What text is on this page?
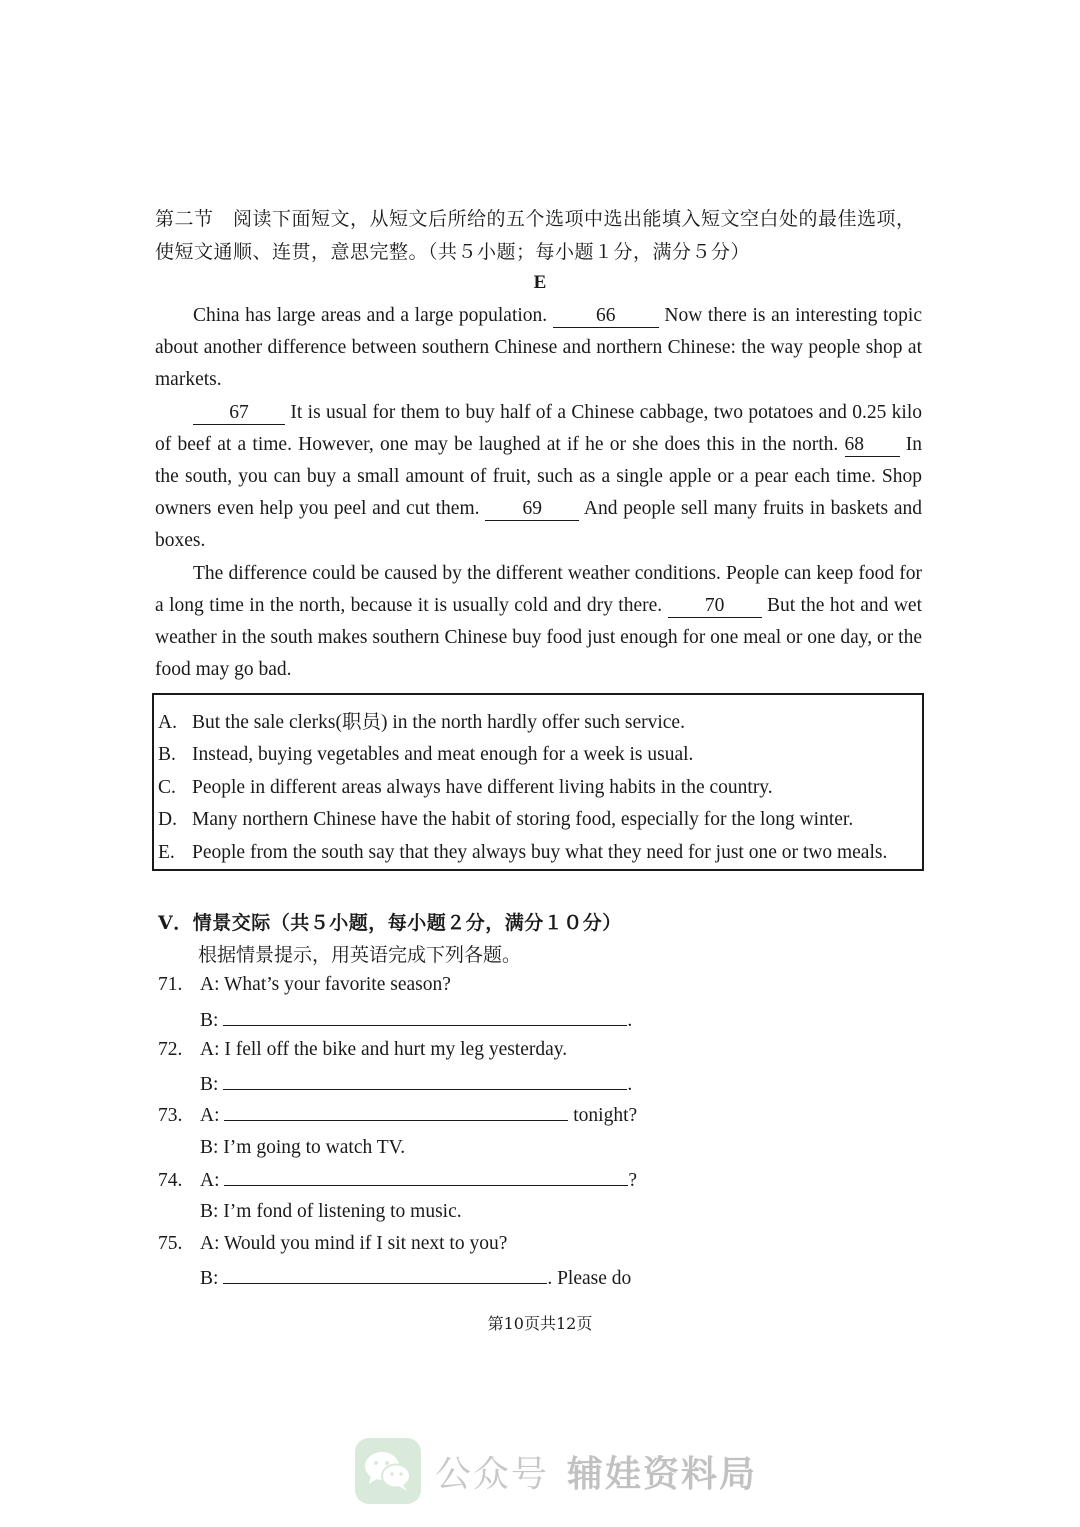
第二节　阅读下面短文，从短文后所给的五个选项中选出能填入短文空白处的最佳选项，使短文通顺、连贯，意思完整。（共５小题；每小题１分，满分５分）
E

China has large areas and a large population.	66	Now there is an interesting topic about another difference between southern Chinese and northern Chinese: the way people shop at markets.

67 It is usual for them to buy half of a Chinese cabbage, two potatoes and 0.25 kilo of beef at a time. However, one may be laughed at if he or she does this in the north. 68 In the south, you can buy a small amount of fruit, such as a single apple or a pear each time. Shop owners even help you peel and cut them. 69 And people sell many fruits in baskets and boxes.

The difference could be caused by the different weather conditions. People can keep food for a long time in the north, because it is usually cold and dry there. 70 But the hot and wet weather in the south makes southern Chinese buy food just enough for one meal or one day, or the food may go bad.

A. But the sale clerks(职员) in the north hardly offer such service.
B. Instead, buying vegetables and meat enough for a week is usual.
C. People in different areas always have different living habits in the country.
D. Many northern Chinese have the habit of storing food, especially for the long winter.
E. People from the south say that they always buy what they need for just one or two meals.
V．情景交际（共５小题，每小题２分，满分１０分）
根据情景提示，用英语完成下列各题。
71. A: What’s your favorite season?
B:	.
72. A: I fell off the bike and hurt my leg yesterday.
B:	.
73. A:	tonight?
B: I’m going to watch TV.
74. A:	?
B: I’m fond of listening to music.
75. A: Would you mind if I sit next to you?
B:	. Please do
第10页共12页
公众号 辅娃资料局
